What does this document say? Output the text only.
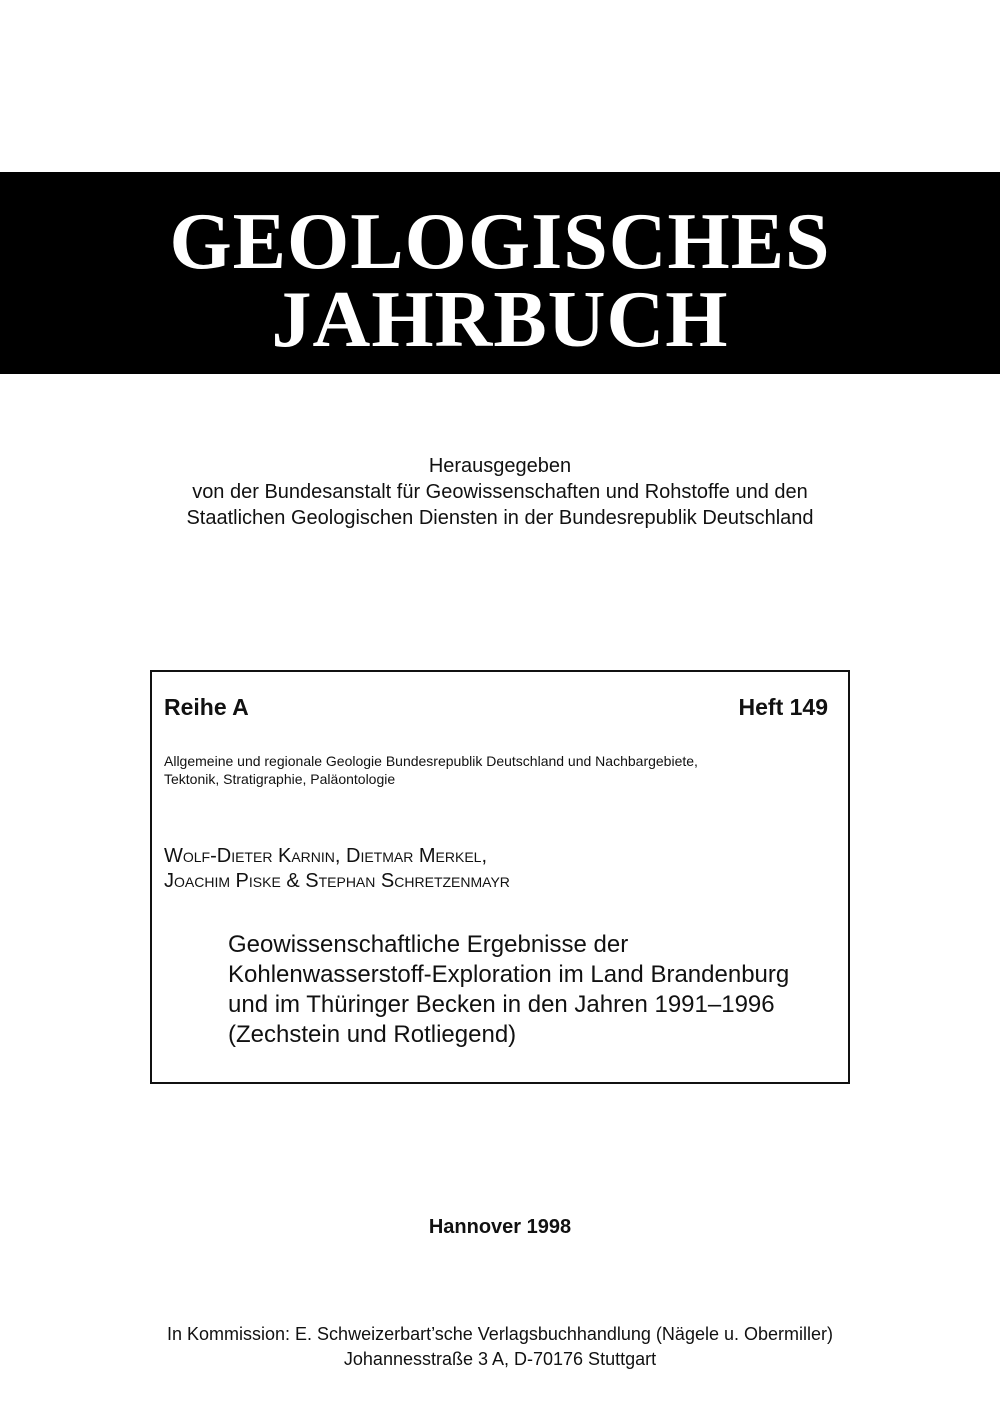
GEOLOGISCHES
JAHRBUCH
Herausgegeben
von der Bundesanstalt für Geowissenschaften und Rohstoffe und den
Staatlichen Geologischen Diensten in der Bundesrepublik Deutschland
Reihe A	Heft 149
Allgemeine und regionale Geologie Bundesrepublik Deutschland und Nachbargebiete,
Tektonik, Stratigraphie, Paläontologie
Wolf-Dieter Karnin, Dietmar Merkel,
Joachim Piske & Stephan Schretzenmayr
Geowissenschaftliche Ergebnisse der
Kohlenwasserstoff-Exploration im Land Brandenburg
und im Thüringer Becken in den Jahren 1991–1996
(Zechstein und Rotliegend)
Hannover 1998
In Kommission: E. Schweizerbart’sche Verlagsbuchhandlung (Nägele u. Obermiller)
Johannesstraße 3 A, D-70176 Stuttgart
